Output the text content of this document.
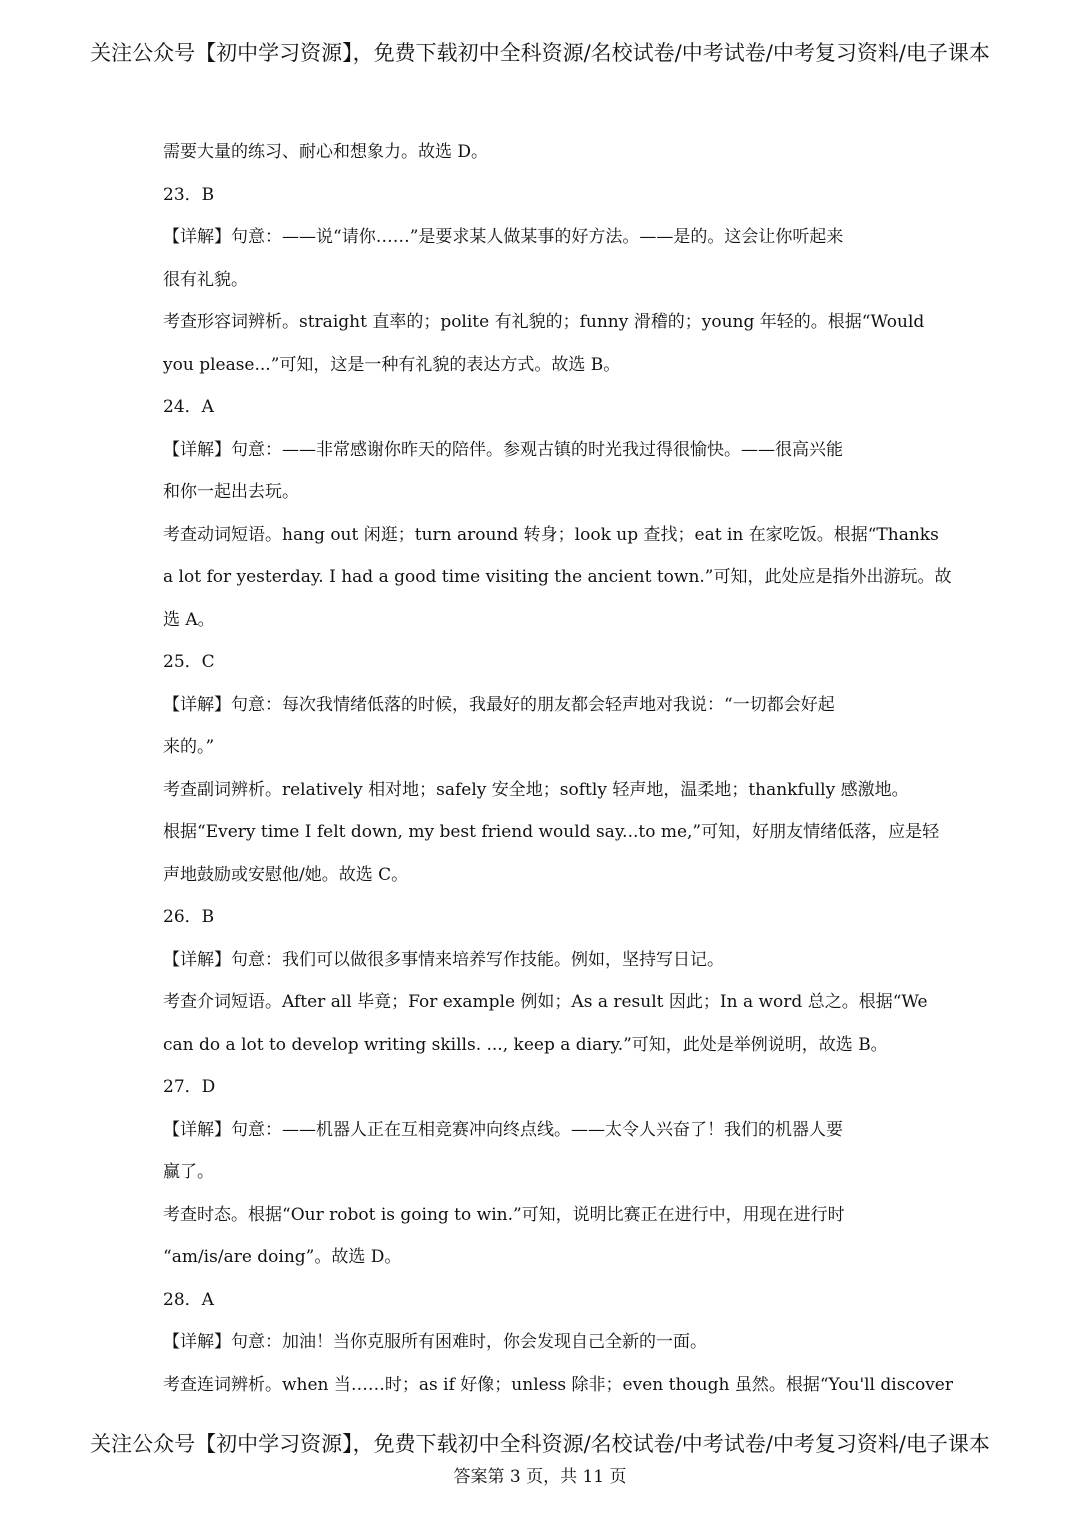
关注公众号【初中学习资源】，免费下载初中全科资源/名校试卷/中考试卷/中考复习资料/电子课本
需要大量的练习、耐心和想象力。故选 D。
23．B
【详解】句意：——说“请你……”是要求某人做某事的好方法。——是的。这会让你听起来
很有礼貌。
考查形容词辨析。straight 直率的；polite 有礼貌的；funny 滑稽的；young 年轻的。根据“Would
you please...”可知，这是一种有礼貌的表达方式。故选 B。
24．A
【详解】句意：——非常感谢你昨天的陪伴。参观古镇的时光我过得很愉快。——很高兴能
和你一起出去玩。
考查动词短语。hang out 闲逛；turn around 转身；look up 查找；eat in 在家吃饭。根据“Thanks
a lot for yesterday. I had a good time visiting the ancient town.”可知，此处应是指外出游玩。故
选 A。
25．C
【详解】句意：每次我情绪低落的时候，我最好的朋友都会轻声地对我说：“一切都会好起
来的。”
考查副词辨析。relatively 相对地；safely 安全地；softly 轻声地，温柔地；thankfully 感激地。
根据“Every time I felt down, my best friend would say...to me,”可知，好朋友情绪低落，应是轻
声地鼓励或安慰他/她。故选 C。
26．B
【详解】句意：我们可以做很多事情来培养写作技能。例如，坚持写日记。
考查介词短语。After all 毕竟；For example 例如；As a result 因此；In a word 总之。根据“We
can do a lot to develop writing skills. ..., keep a diary.”可知，此处是举例说明，故选 B。
27．D
【详解】句意：——机器人正在互相竞赛冲向终点线。——太令人兴奋了！我们的机器人要
赢了。
考查时态。根据“Our robot is going to win.”可知，说明比赛正在进行中，用现在进行时
“am/is/are doing”。故选 D。
28．A
【详解】句意：加油！当你克服所有困难时，你会发现自己全新的一面。
考查连词辨析。when 当……时；as if 好像；unless 除非；even though 虽然。根据“You'll discover
关注公众号【初中学习资源】，免费下载初中全科资源/名校试卷/中考试卷/中考复习资料/电子课本
答案第 3 页，共 11 页
